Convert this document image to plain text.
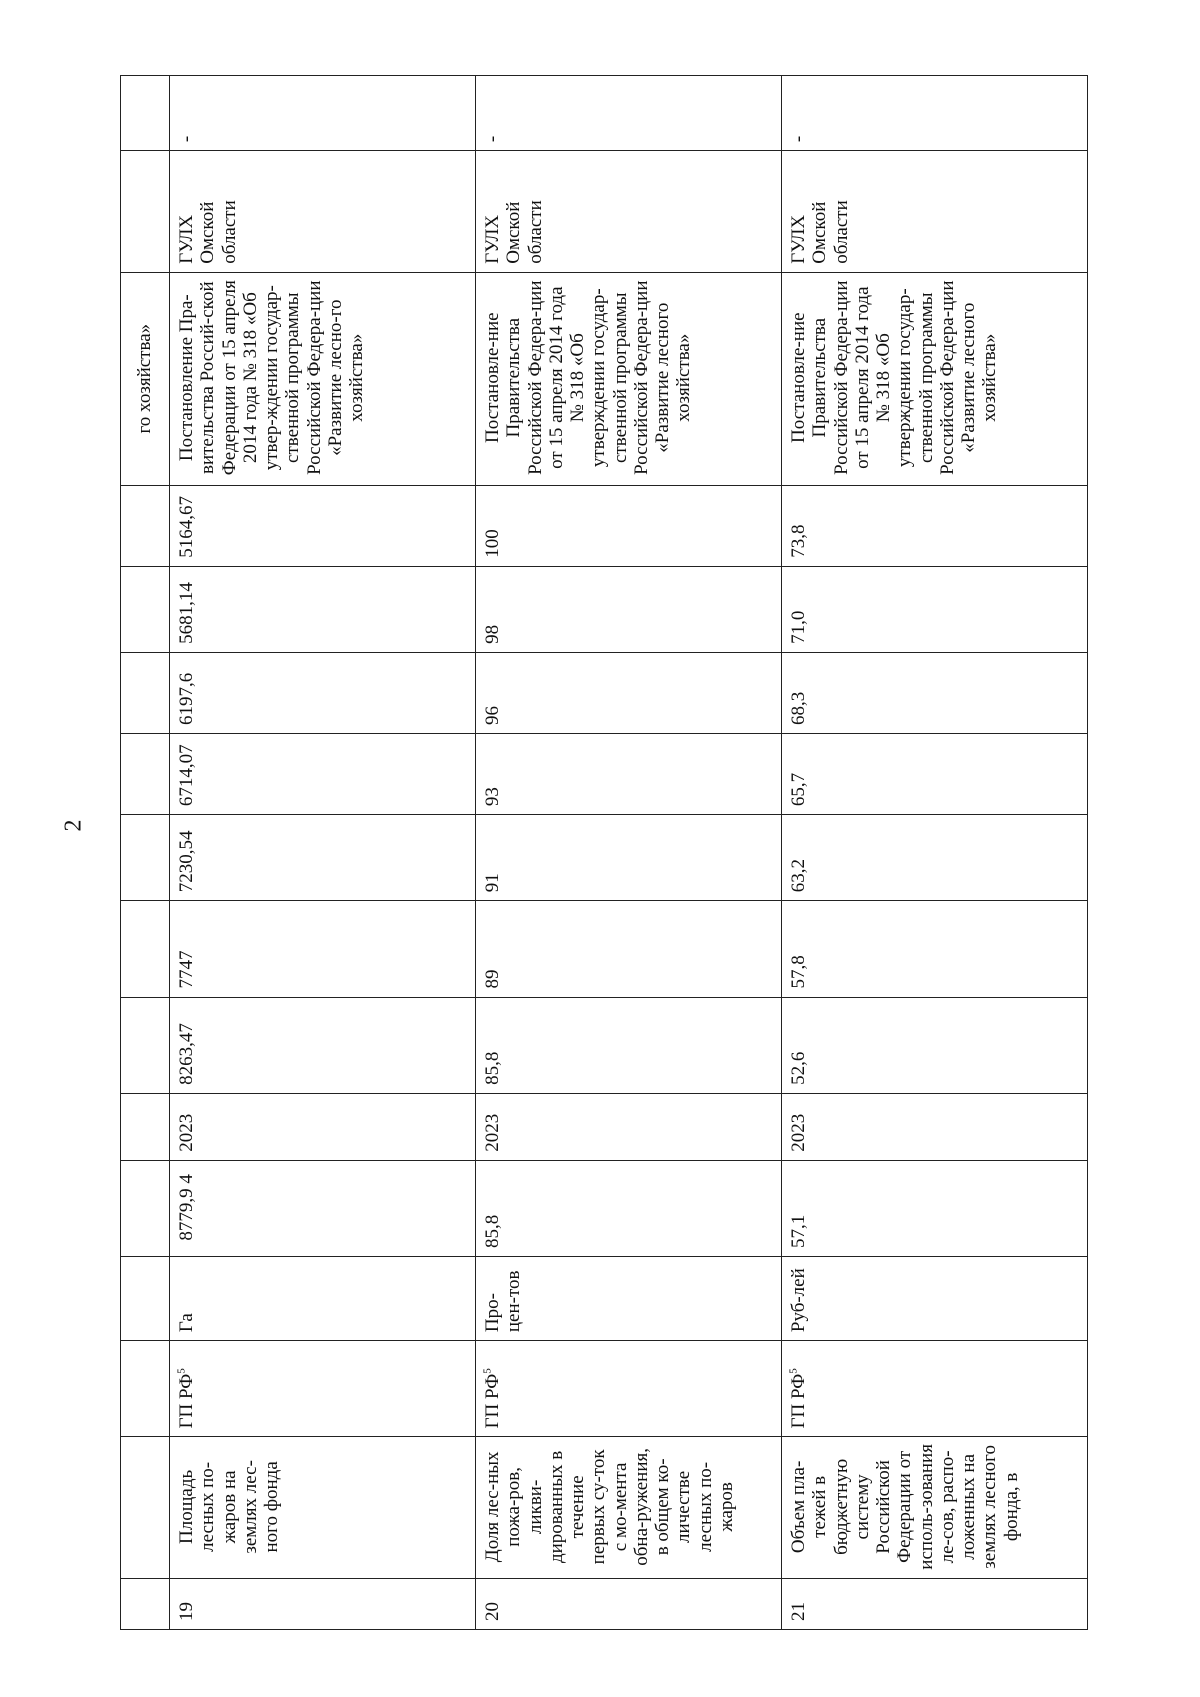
2
													го хозяйства»		
19	Площадь лесных по-жаров на землях лес-ного фонда	ГП $РФ^5$	Га	8779,9 4	2023	8263,47	7747	7230,54	6714,07	6197,6	5681,14	5164,67	Постановление Пра-вительства Россий-ской Федерации от 15 апреля 2014 года № 318 «Об утвер-ждении государ-ственной программы Российской Федера-ции «Развитие лесно-го хозяйства»	ГУЛХ Омской области	-
20	Доля лес-ных пожа-ров, ликви-дированных в течение первых су-ток с мо-мента обна-ружения, в общем ко-личестве лесных по-жаров	ГП $РФ^5$	Про-цен-тов	85,8	2023	85,8	89	91	93	96	98	100	Постановле-ние Правительства Российской Федера-ции от 15 апреля 2014 года № 318 «Об утверждении государ-ственной программы Российской Федера-ции «Развитие лесного хозяйства»	ГУЛХ Омской области	-
21	Объем пла-тежей в бюджетную систему Российской Федерации от исполь-зования ле-сов, распо-ложенных на землях лесного фонда, в	ГП $РФ^5$	Руб-лей	57,1	2023	52,6	57,8	63,2	65,7	68,3	71,0	73,8	Постановле-ние Правительства Российской Федера-ции от 15 апреля 2014 года № 318 «Об утверждении государ-ственной программы Российской Федера-ции «Развитие лесного хозяйства»	ГУЛХ Омской области	-
